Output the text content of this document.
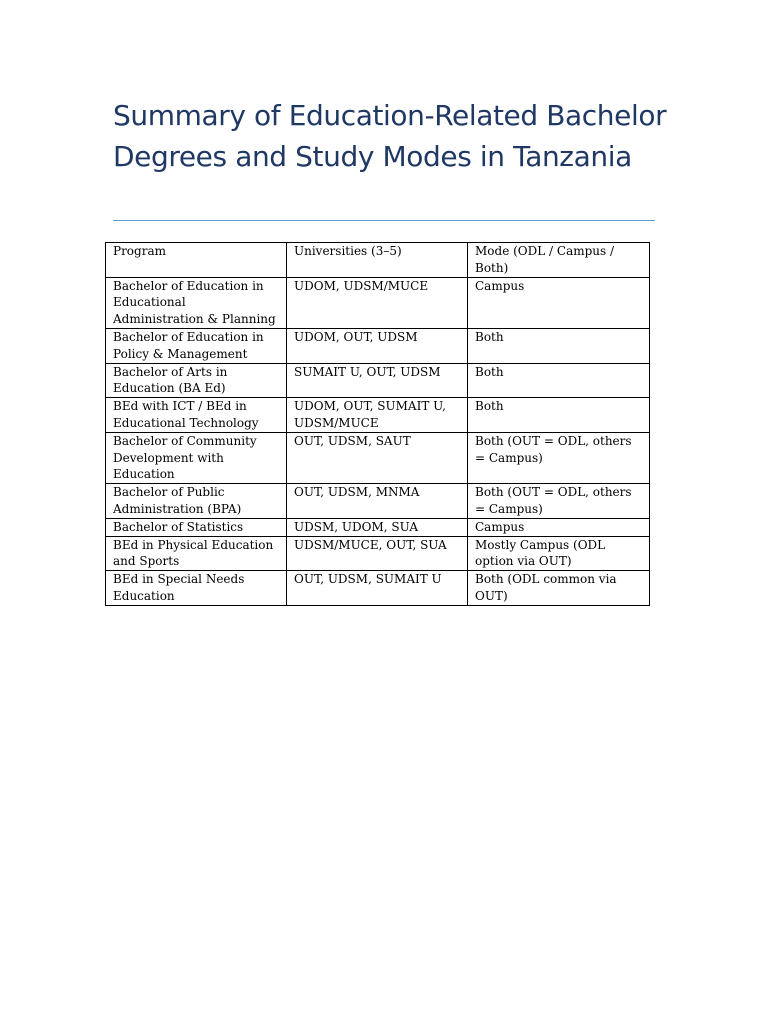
Summary of Education-Related Bachelor Degrees and Study Modes in Tanzania
Program	Universities (3–5)	Mode (ODL / Campus / Both)
Bachelor of Education in Educational Administration & Planning	UDOM, UDSM/MUCE	Campus
Bachelor of Education in Policy & Management	UDOM, OUT, UDSM	Both
Bachelor of Arts in Education (BA Ed)	SUMAIT U, OUT, UDSM	Both
BEd with ICT / BEd in Educational Technology	UDOM, OUT, SUMAIT U, UDSM/MUCE	Both
Bachelor of Community Development with Education	OUT, UDSM, SAUT	Both (OUT = ODL, others = Campus)
Bachelor of Public Administration (BPA)	OUT, UDSM, MNMA	Both (OUT = ODL, others = Campus)
Bachelor of Statistics	UDSM, UDOM, SUA	Campus
BEd in Physical Education and Sports	UDSM/MUCE, OUT, SUA	Mostly Campus (ODL option via OUT)
BEd in Special Needs Education	OUT, UDSM, SUMAIT U	Both (ODL common via OUT)
